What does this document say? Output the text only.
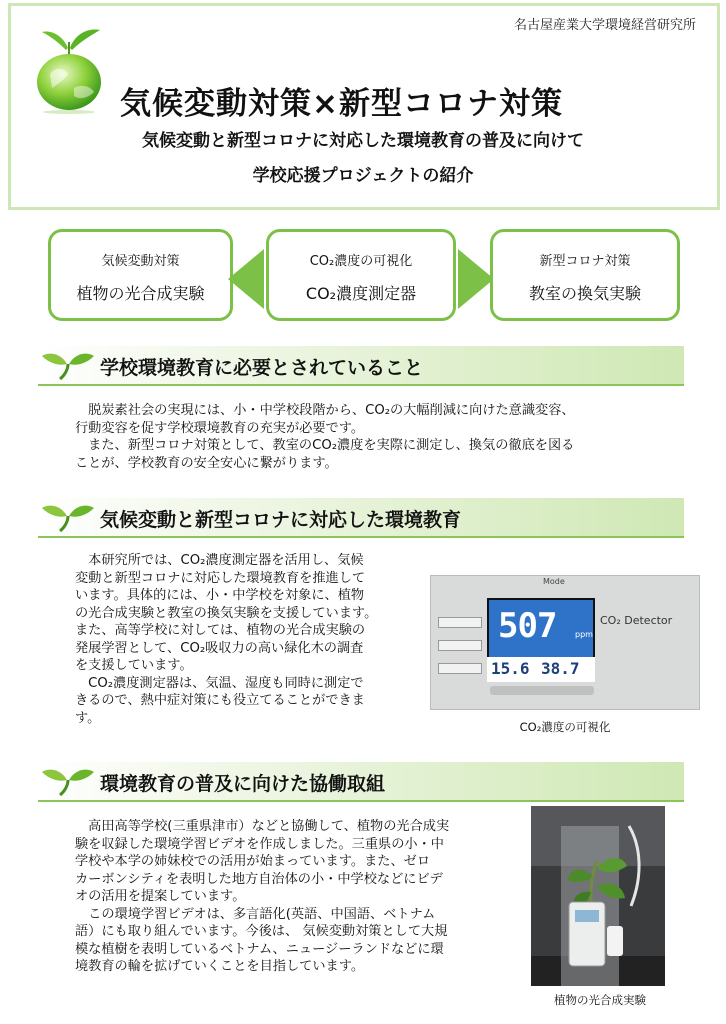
名古屋産業大学環境経営研究所
気候変動対策×新型コロナ対策
気候変動と新型コロナに対応した環境教育の普及に向けて
学校応援プロジェクトの紹介
気候変動対策
植物の光合成実験
CO₂濃度の可視化
CO₂濃度測定器
新型コロナ対策
教室の換気実験
学校環境教育に必要とされていること
　脱炭素社会の実現には、小・中学校段階から、CO₂の大幅削減に向けた意識変容、
行動変容を促す学校環境教育の充実が必要です。
　また、新型コロナ対策として、教室のCO₂濃度を実際に測定し、換気の徹底を図る
ことが、学校教育の安全安心に繋がります。
気候変動と新型コロナに対応した環境教育
　本研究所では、CO₂濃度測定器を活用し、気候
変動と新型コロナに対応した環境教育を推進して
います。具体的には、小・中学校を対象に、植物
の光合成実験と教室の換気実験を支援しています。
また、高等学校に対しては、植物の光合成実験の
発展学習として、CO₂吸収力の高い緑化木の調査
を支援しています。
　CO₂濃度測定器は、気温、湿度も同時に測定で
きるので、熱中症対策にも役立てることができま
す。
Mode
507 ppm
15.6 38.7
CO₂ Detector
CO₂濃度の可視化
環境教育の普及に向けた協働取組
　高田高等学校(三重県津市）などと協働して、植物の光合成実
験を収録した環境学習ビデオを作成しました。三重県の小・中
学校や本学の姉妹校での活用が始まっています。また、ゼロ
カーボンシティを表明した地方自治体の小・中学校などにビデ
オの活用を提案しています。
　この環境学習ビデオは、多言語化(英語、中国語、ベトナム
語）にも取り組んでいます。今後は、 気候変動対策として大規
模な植樹を表明しているベトナム、ニュージーランドなどに環
境教育の輪を拡げていくことを目指しています。
植物の光合成実験
